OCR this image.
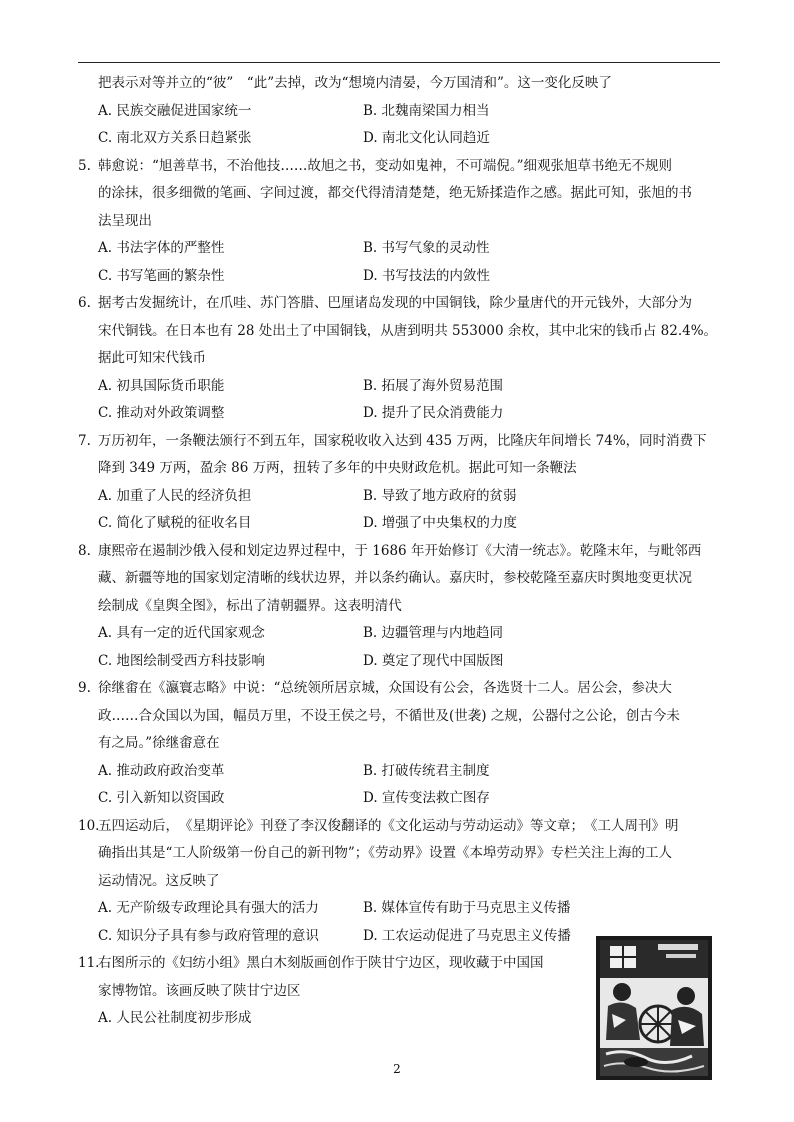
把表示对等并立的“彼”　“此”去掉，改为“想境内清晏，今万国清和”。这一变化反映了
A. 民族交融促进国家统一	B. 北魏南梁国力相当
C. 南北双方关系日趋紧张	D. 南北文化认同趋近
5. 韩愈说：“旭善草书，不治他技……故旭之书，变动如鬼神，不可端倪。”细观张旭草书绝无不规则
的涂抹，很多细微的笔画、字间过渡，都交代得清清楚楚，绝无矫揉造作之感。据此可知，张旭的书
法呈现出
A. 书法字体的严整性	B. 书写气象的灵动性
C. 书写笔画的繁杂性	D. 书写技法的内敛性
6. 据考古发掘统计，在爪哇、苏门答腊、巴厘诸岛发现的中国铜钱，除少量唐代的开元钱外，大部分为
宋代铜钱。在日本也有 28 处出土了中国铜钱，从唐到明共 553000 余枚，其中北宋的钱币占 82.4%。
据此可知宋代钱币
A. 初具国际货币职能	B. 拓展了海外贸易范围
C. 推动对外政策调整	D. 提升了民众消费能力
7. 万历初年，一条鞭法颁行不到五年，国家税收收入达到 435 万两，比隆庆年间增长 74%，同时消费下
降到 349 万两，盈余 86 万两，扭转了多年的中央财政危机。据此可知一条鞭法
A. 加重了人民的经济负担	B. 导致了地方政府的贫弱
C. 简化了赋税的征收名目	D. 增强了中央集权的力度
8. 康熙帝在遏制沙俄入侵和划定边界过程中，于 1686 年开始修订《大清一统志》。乾隆末年，与毗邻西
藏、新疆等地的国家划定清晰的线状边界，并以条约确认。嘉庆时，参校乾隆至嘉庆时舆地变更状况
绘制成《皇舆全图》，标出了清朝疆界。这表明清代
A. 具有一定的近代国家观念	B. 边疆管理与内地趋同
C. 地图绘制受西方科技影响	D. 奠定了现代中国版图
9. 徐继畬在《瀛寰志略》中说：“总统领所居京城，众国设有公会，各选贤十二人。居公会，参决大
政……合众国以为国，幅员万里，不设王侯之号，不循世及(世袭) 之规，公器付之公论，创古今未
有之局。”徐继畬意在
A. 推动政府政治变革	B. 打破传统君主制度
C. 引入新知以资国政	D. 宣传变法救亡图存
10.
五四运动后，　《星期评论》刊登了李汉俊翻译的《文化运动与劳动运动》等文章；　《工人周刊》明
确指出其是“工人阶级第一份自己的新刊物”；《劳动界》设置《本埠劳动界》专栏关注上海的工人
运动情况。这反映了
A. 无产阶级专政理论具有强大的活力	B. 媒体宣传有助于马克思主义传播
C. 知识分子具有参与政府管理的意识	D. 工农运动促进了马克思主义传播
11.
右图所示的《妇纺小组》黑白木刻版画创作于陕甘宁边区，现收藏于中国国
家博物馆。该画反映了陕甘宁边区
A. 人民公社制度初步形成
2
